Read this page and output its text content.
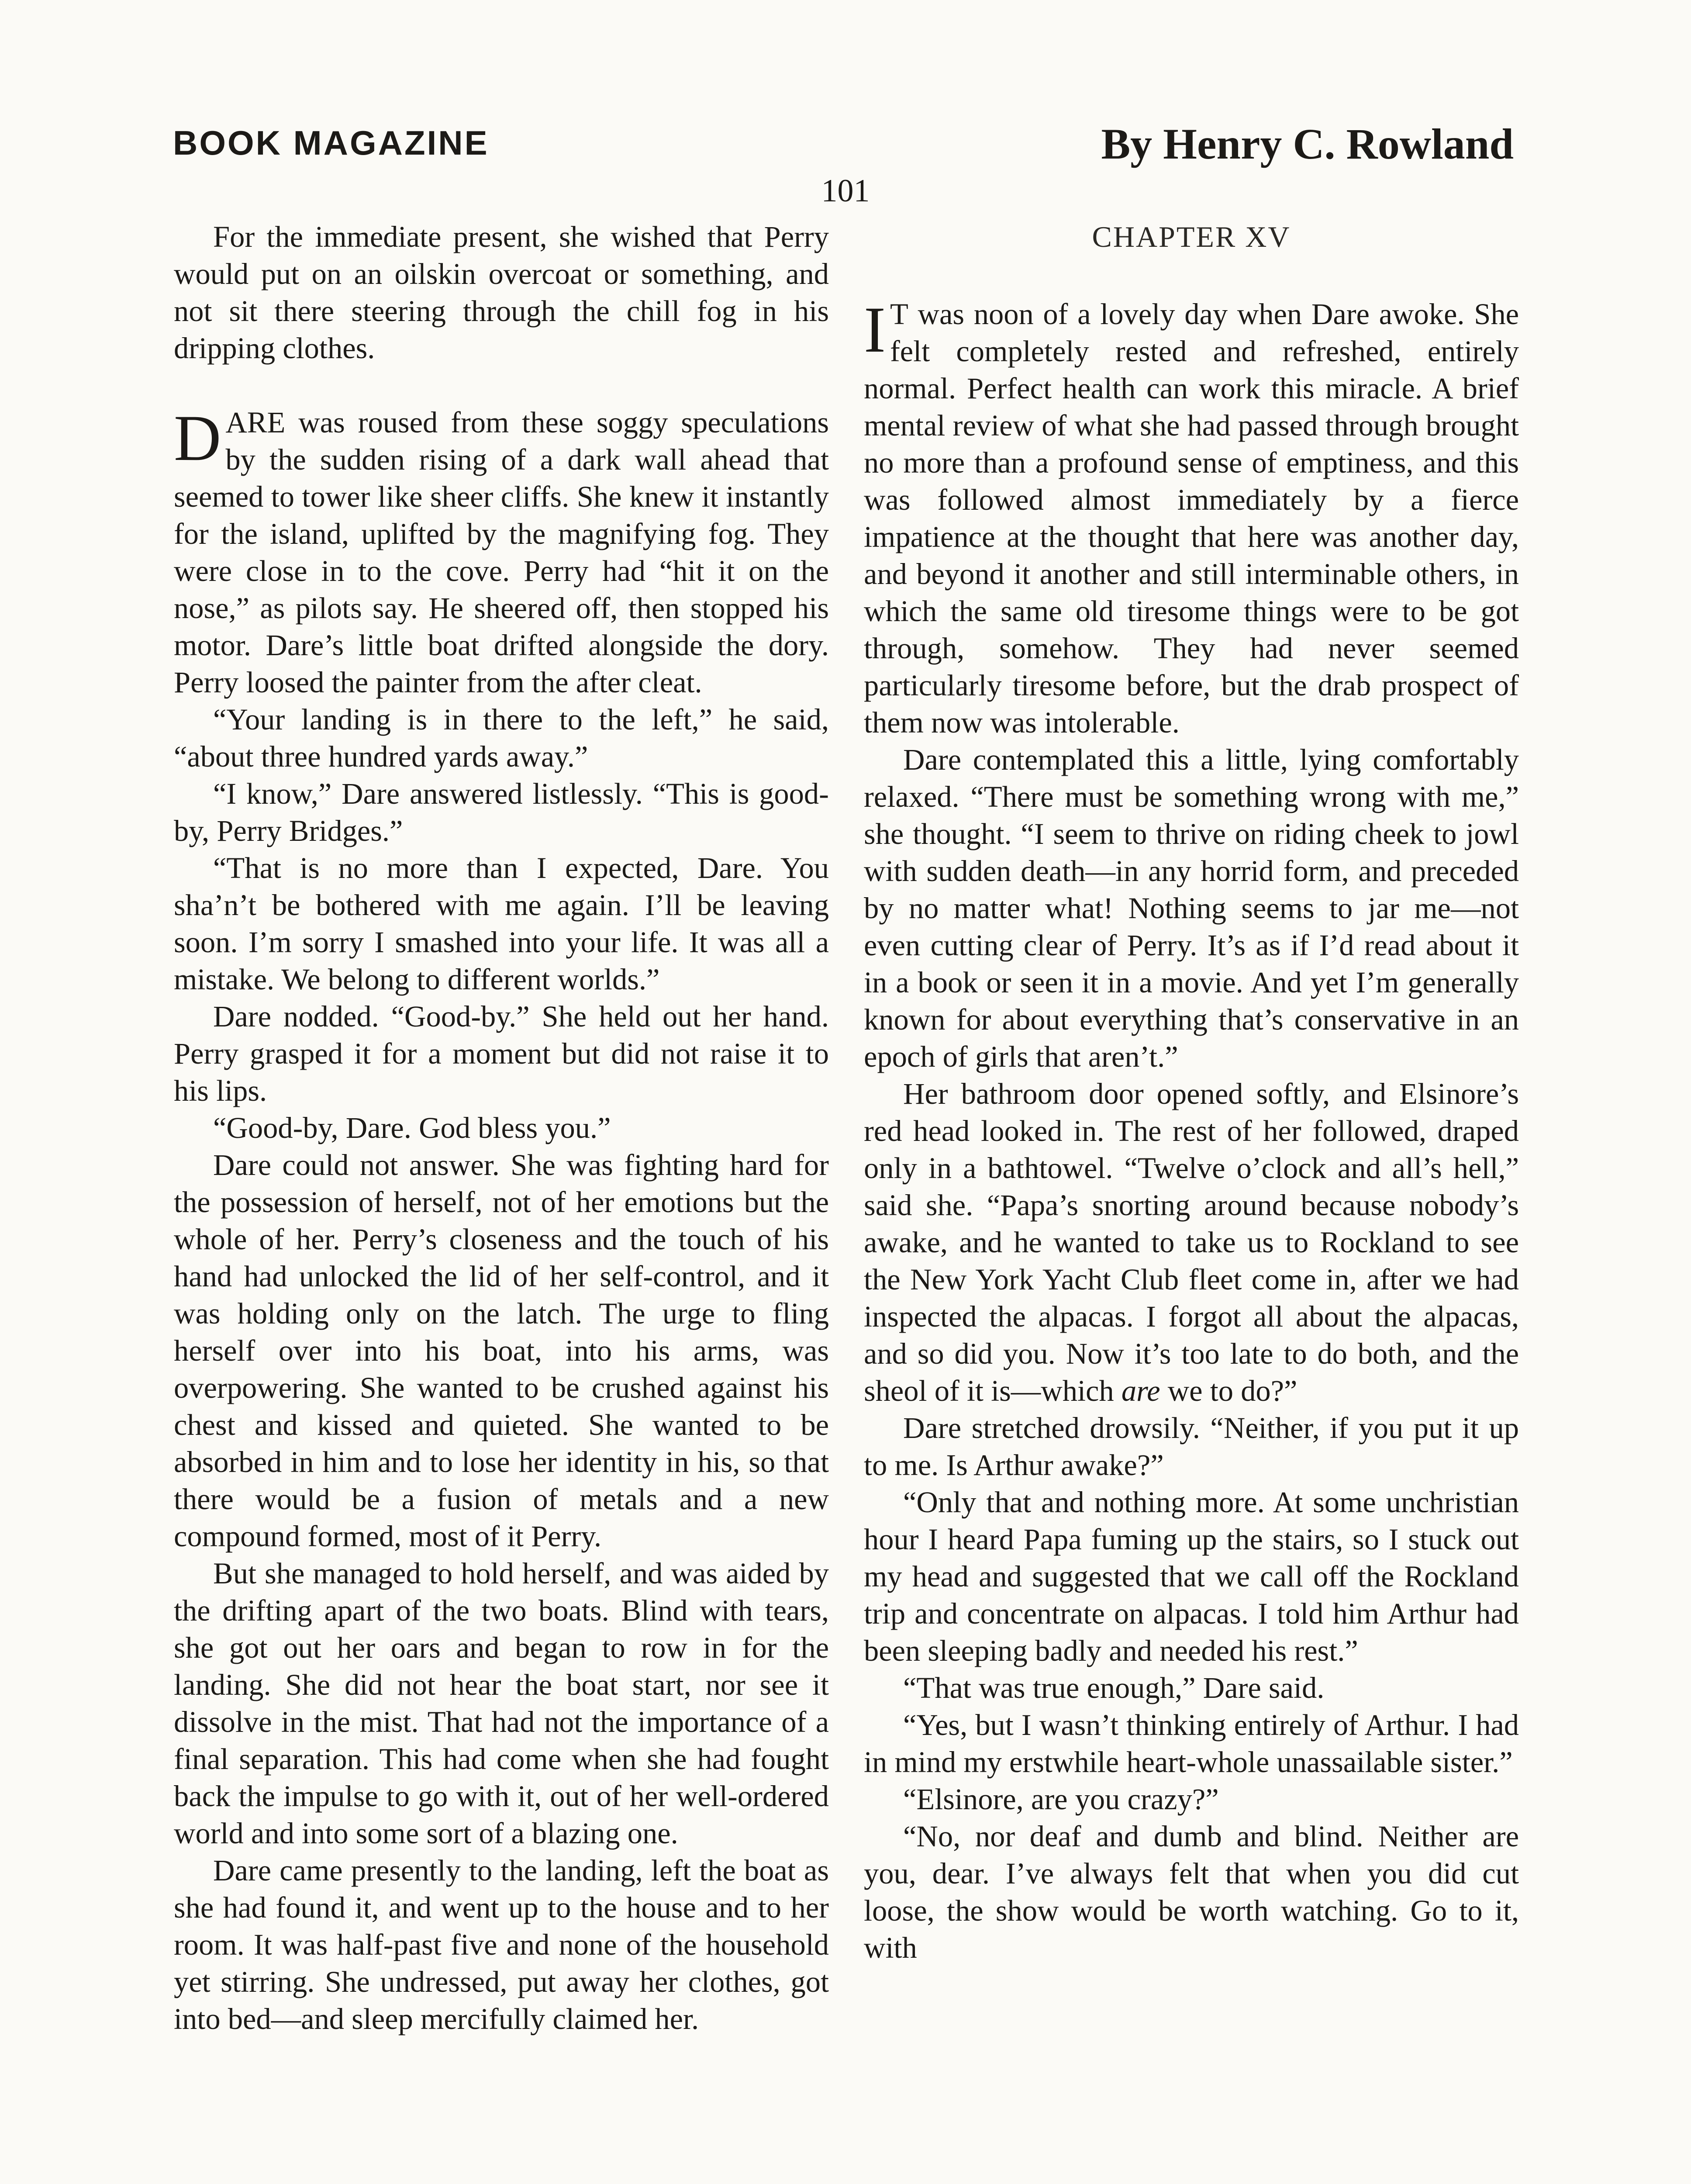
BOOK MAGAZINE	By Henry C. Rowland
101

For the immediate present, she wished that Perry would put on an oilskin overcoat or something, and not sit there steering through the chill fog in his dripping clothes.

DARE was roused from these soggy speculations by the sudden rising of a dark wall ahead that seemed to tower like sheer cliffs. She knew it instantly for the island, uplifted by the magnifying fog. They were close in to the cove. Perry had “hit it on the nose,” as pilots say. He sheered off, then stopped his motor. Dare’s little boat drifted alongside the dory. Perry loosed the painter from the after cleat.

“Your landing is in there to the left,” he said, “about three hundred yards away.”

“I know,” Dare answered listlessly. “This is good-by, Perry Bridges.”

“That is no more than I expected, Dare. You sha’n’t be bothered with me again. I’ll be leaving soon. I’m sorry I smashed into your life. It was all a mistake. We belong to different worlds.”

Dare nodded. “Good-by.” She held out her hand. Perry grasped it for a moment but did not raise it to his lips.

“Good-by, Dare. God bless you.”

Dare could not answer. She was fighting hard for the possession of herself, not of her emotions but the whole of her. Perry’s closeness and the touch of his hand had unlocked the lid of her self-control, and it was holding only on the latch. The urge to fling herself over into his boat, into his arms, was overpowering. She wanted to be crushed against his chest and kissed and quieted. She wanted to be absorbed in him and to lose her identity in his, so that there would be a fusion of metals and a new compound formed, most of it Perry.

But she managed to hold herself, and was aided by the drifting apart of the two boats. Blind with tears, she got out her oars and began to row in for the landing. She did not hear the boat start, nor see it dissolve in the mist. That had not the importance of a final separation. This had come when she had fought back the impulse to go with it, out of her well-ordered world and into some sort of a blazing one.

Dare came presently to the landing, left the boat as she had found it, and went up to the house and to her room. It was half-past five and none of the household yet stirring. She undressed, put away her clothes, got into bed—and sleep mercifully claimed her.

CHAPTER XV

I T was noon of a lovely day when Dare awoke. She felt completely rested and refreshed, entirely normal. Perfect health can work this miracle. A brief mental review of what she had passed through brought no more than a profound sense of emptiness, and this was followed almost immediately by a fierce impatience at the thought that here was another day, and beyond it another and still interminable others, in which the same old tiresome things were to be got through, somehow. They had never seemed particularly tiresome before, but the drab prospect of them now was intolerable.

Dare contemplated this a little, lying comfortably relaxed. “There must be something wrong with me,” she thought. “I seem to thrive on riding cheek to jowl with sudden death—in any horrid form, and preceded by no matter what! Nothing seems to jar me—not even cutting clear of Perry. It’s as if I’d read about it in a book or seen it in a movie. And yet I’m generally known for about everything that’s conservative in an epoch of girls that aren’t.”

Her bathroom door opened softly, and Elsinore’s red head looked in. The rest of her followed, draped only in a bathtowel. “Twelve o’clock and all’s hell,” said she. “Papa’s snorting around because nobody’s awake, and he wanted to take us to Rockland to see the New York Yacht Club fleet come in, after we had inspected the alpacas. I forgot all about the alpacas, and so did you. Now it’s too late to do both, and the sheol of it is—which are we to do?”

Dare stretched drowsily. “Neither, if you put it up to me. Is Arthur awake?”

“Only that and nothing more. At some unchristian hour I heard Papa fuming up the stairs, so I stuck out my head and suggested that we call off the Rockland trip and concentrate on alpacas. I told him Arthur had been sleeping badly and needed his rest.”

“That was true enough,” Dare said.

“Yes, but I wasn’t thinking entirely of Arthur. I had in mind my erstwhile heart-whole unassailable sister.”

“Elsinore, are you crazy?”

“No, nor deaf and dumb and blind. Neither are you, dear. I’ve always felt that when you did cut loose, the show would be worth watching. Go to it, with
